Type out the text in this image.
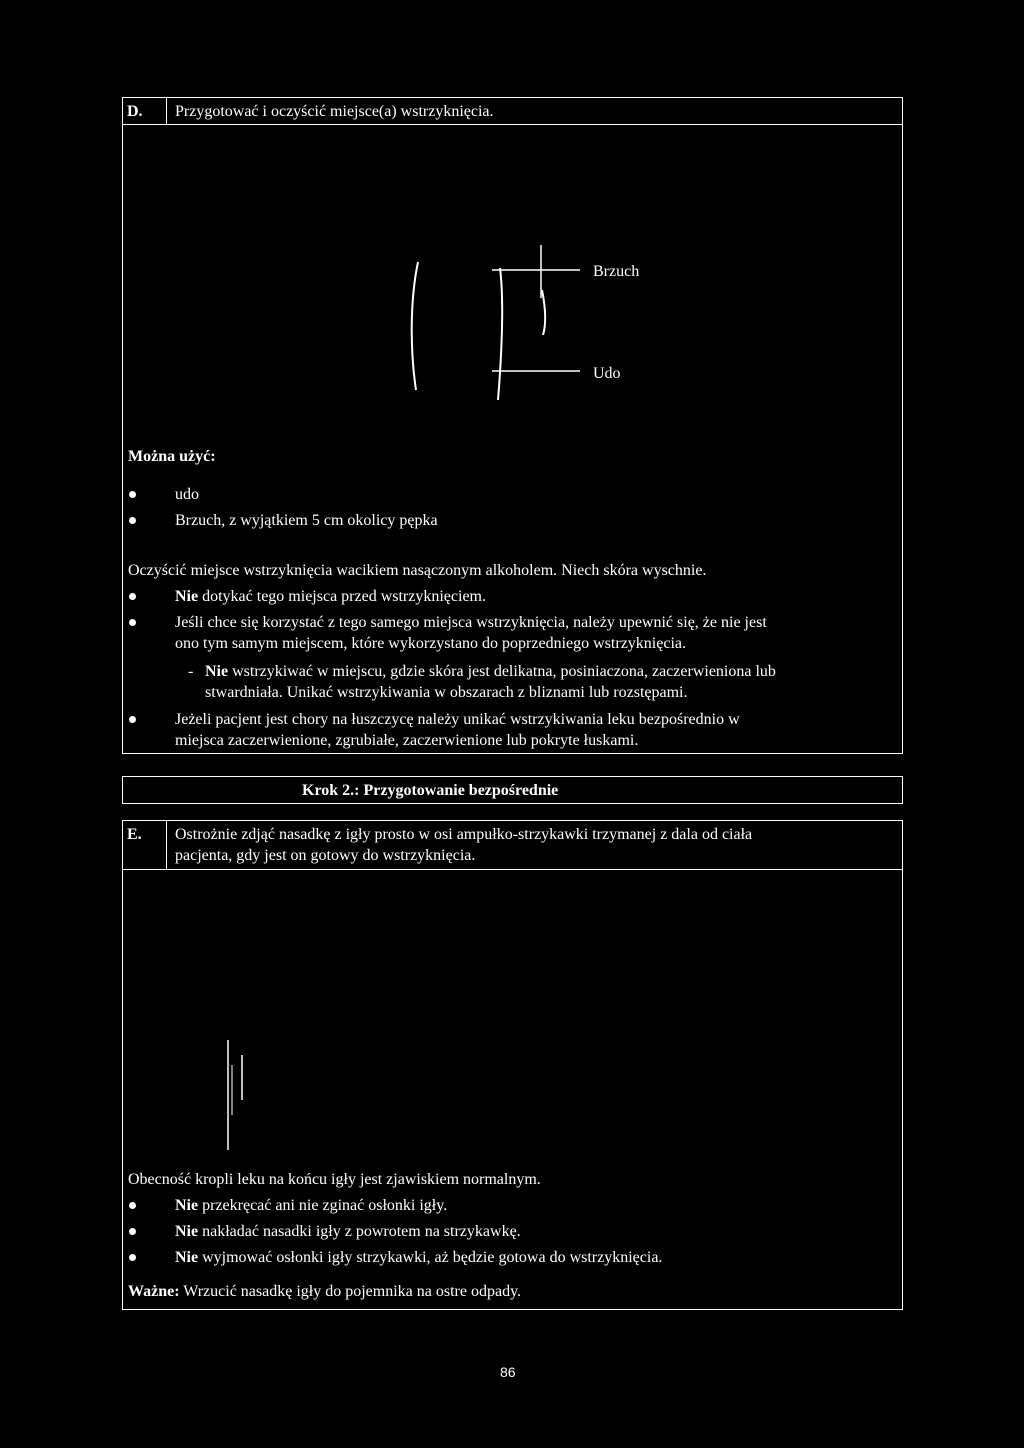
D. Przygotować i oczyścić miejsce(a) wstrzyknięcia.
Brzuch
Udo
Można użyć:
udo
Brzuch, z wyjątkiem 5 cm okolicy pępka
Oczyścić miejsce wstrzyknięcia wacikiem nasączonym alkoholem. Niech skóra wyschnie.
Nie dotykać tego miejsca przed wstrzyknięciem.
Jeśli chce się korzystać z tego samego miejsca wstrzyknięcia, należy upewnić się, że nie jest
ono tym samym miejscem, które wykorzystano do poprzedniego wstrzyknięcia.
- Nie wstrzykiwać w miejscu, gdzie skóra jest delikatna, posiniaczona, zaczerwieniona lub
stwardniała. Unikać wstrzykiwania w obszarach z bliznami lub rozstępami.
Jeżeli pacjent jest chory na łuszczycę należy unikać wstrzykiwania leku bezpośrednio w
miejsca zaczerwienione, zgrubiałe, zaczerwienione lub pokryte łuskami.
Krok 2.: Przygotowanie bezpośrednie
E. Ostrożnie zdjąć nasadkę z igły prosto w osi ampułko-strzykawki trzymanej z dala od ciała
pacjenta, gdy jest on gotowy do wstrzyknięcia.
Obecność kropli leku na końcu igły jest zjawiskiem normalnym.
Nie przekręcać ani nie zginać osłonki igły.
Nie nakładać nasadki igły z powrotem na strzykawkę.
Nie wyjmować osłonki igły strzykawki, aż będzie gotowa do wstrzyknięcia.
Ważne: Wrzucić nasadkę igły do pojemnika na ostre odpady.
86
